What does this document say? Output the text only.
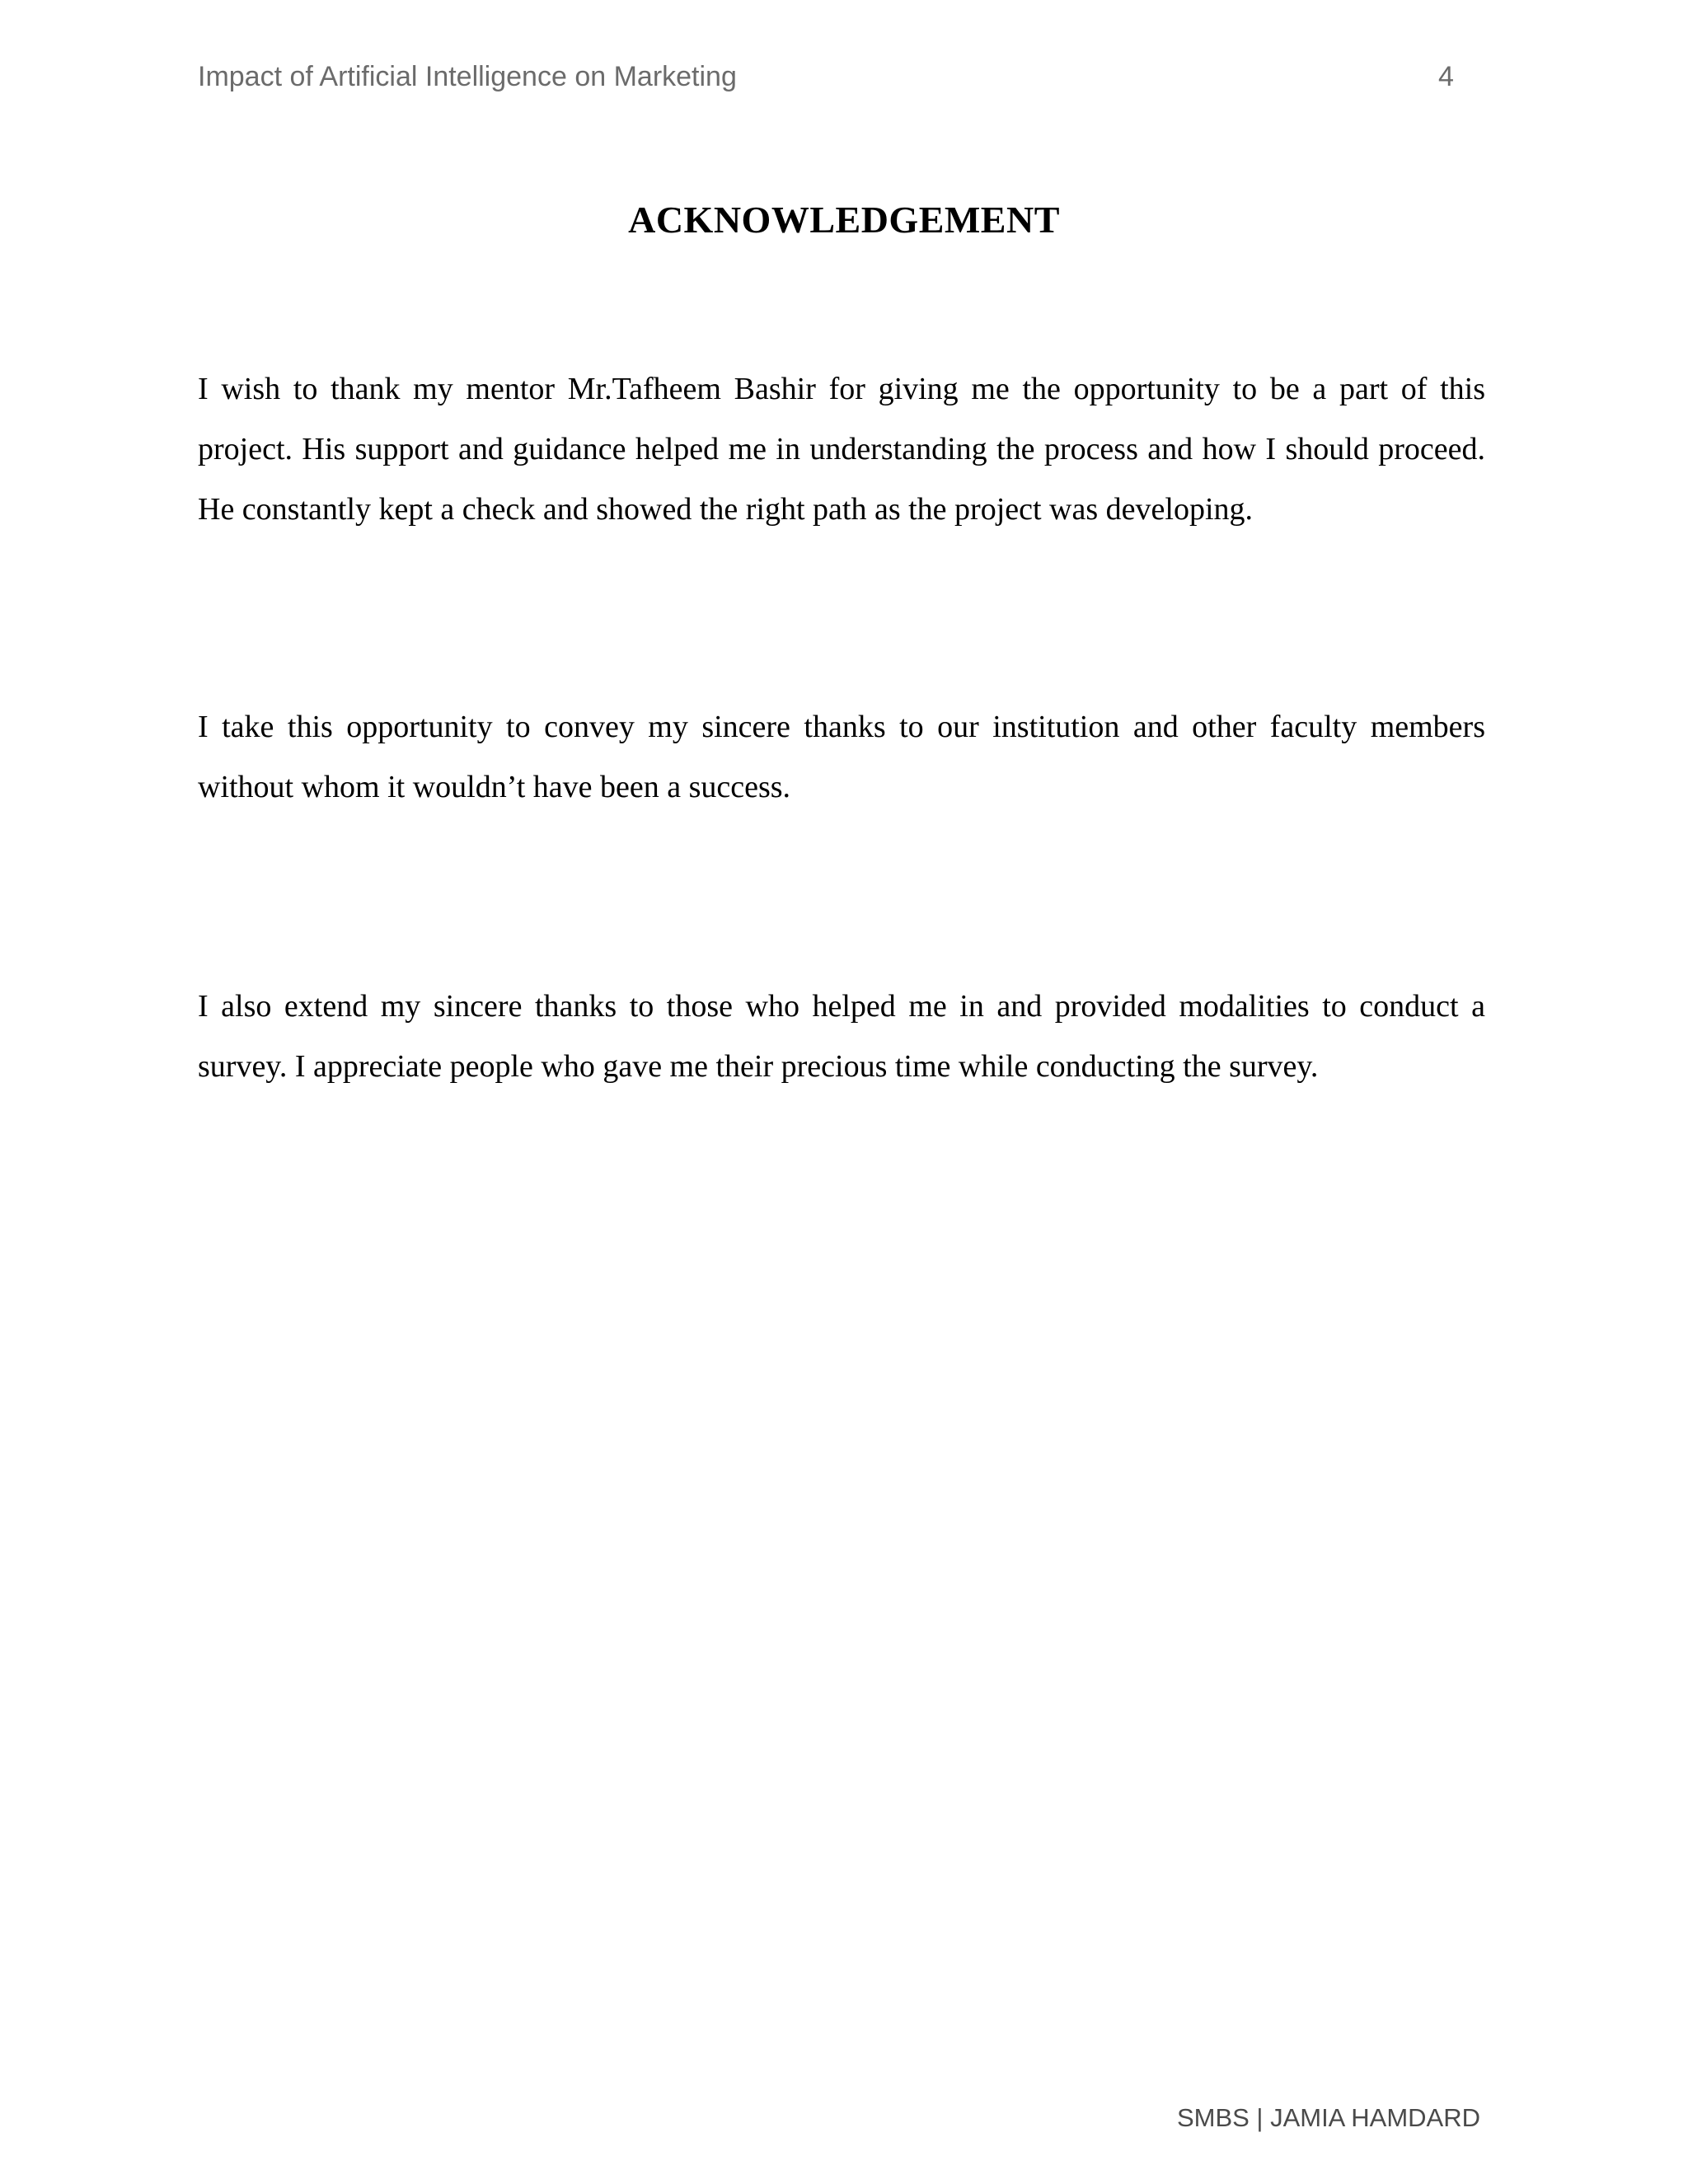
Impact of Artificial Intelligence on Marketing	4
ACKNOWLEDGEMENT

I wish to thank my mentor Mr.Tafheem Bashir for giving me the opportunity to be a part of this project. His support and guidance helped me in understanding the process and how I should proceed. He constantly kept a check and showed the right path as the project was developing.

I take this opportunity to convey my sincere thanks to our institution and other faculty members without whom it wouldn’t have been a success.

I also extend my sincere thanks to those who helped me in and provided modalities to conduct a survey. I appreciate people who gave me their precious time while conducting the survey.

SMBS | JAMIA HAMDARD
